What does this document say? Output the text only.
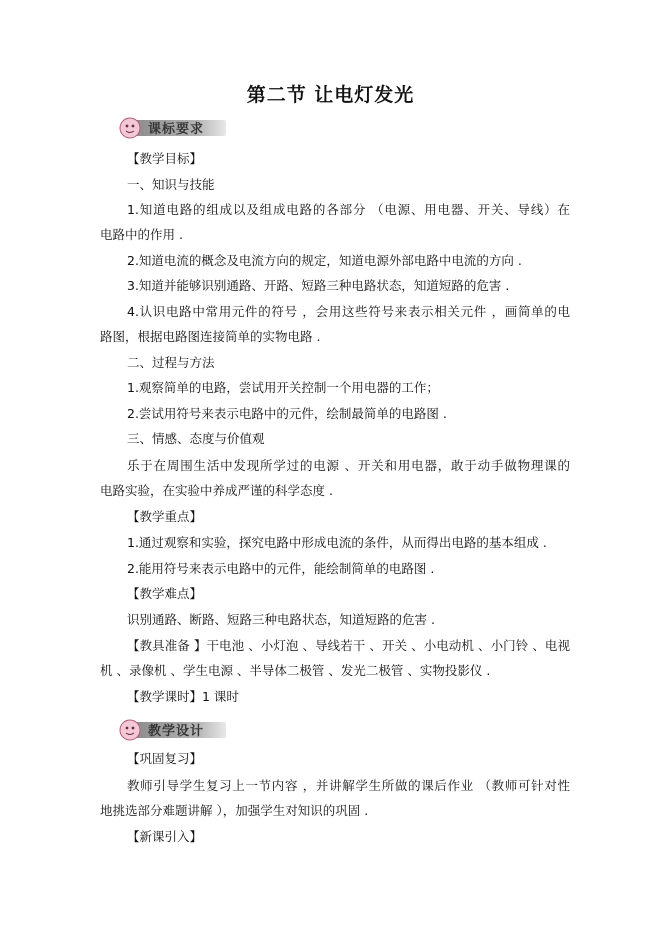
第二节 让电灯发光
课标要求
【教学目标】
一、知识与技能
1.知道电路的组成以及组成电路的各部分 （电源、用电器、开关、导线）在
电路中的作用 .
2.知道电流的概念及电流方向的规定，知道电源外部电路中电流的方向 .
3.知道并能够识别通路、开路、短路三种电路状态，知道短路的危害 .
4.认识电路中常用元件的符号 ，会用这些符号来表示相关元件 ，画简单的电
路图，根据电路图连接简单的实物电路 .
二、过程与方法
1.观察简单的电路，尝试用开关控制一个用电器的工作；
2.尝试用符号来表示电路中的元件，绘制最简单的电路图 .
三、情感、态度与价值观
乐于在周围生活中发现所学过的电源 、开关和用电器，敢于动手做物理课的
电路实验，在实验中养成严谨的科学态度 .
【教学重点】
1.通过观察和实验，探究电路中形成电流的条件，从而得出电路的基本组成 .
2.能用符号来表示电路中的元件，能绘制简单的电路图 .
【教学难点】
识别通路、断路、短路三种电路状态，知道短路的危害 .
【教具准备 】干电池 、小灯泡 、导线若干 、开关 、小电动机 、小门铃 、电视
机 、录像机 、学生电源 、半导体二极管 、发光二极管 、实物投影仪 .
【教学课时】1 课时
教学设计
【巩固复习】
教师引导学生复习上一节内容 ，并讲解学生所做的课后作业 （教师可针对性
地挑选部分难题讲解 ），加强学生对知识的巩固 .
【新课引入】
